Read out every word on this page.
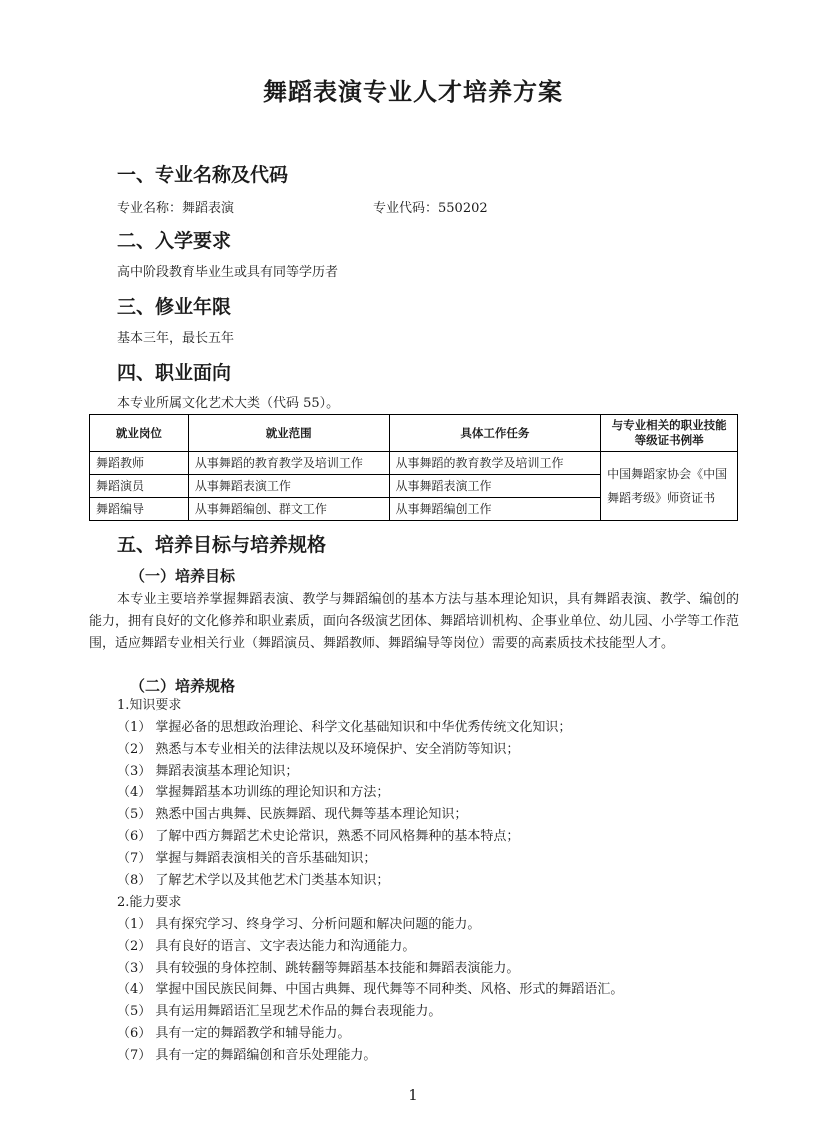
舞蹈表演专业人才培养方案
一、专业名称及代码
专业名称：舞蹈表演	专业代码：550202
二、入学要求
高中阶段教育毕业生或具有同等学历者
三、修业年限
基本三年，最长五年
四、职业面向
本专业所属文化艺术大类（代码 55）。
就业岗位	就业范围	具体工作任务	与专业相关的职业技能等级证书例举
舞蹈教师	从事舞蹈的教育教学及培训工作	从事舞蹈的教育教学及培训工作	中国舞蹈家协会《中国舞蹈考级》师资证书
舞蹈演员	从事舞蹈表演工作	从事舞蹈表演工作	
舞蹈编导	从事舞蹈编创、群文工作	从事舞蹈编创工作	
五、培养目标与培养规格
（一）培养目标
本专业主要培养掌握舞蹈表演、教学与舞蹈编创的基本方法与基本理论知识，具有舞蹈表演、教学、编创的能力，拥有良好的文化修养和职业素质，面向各级演艺团体、舞蹈培训机构、企事业单位、幼儿园、小学等工作范围，适应舞蹈专业相关行业（舞蹈演员、舞蹈教师、舞蹈编导等岗位）需要的高素质技术技能型人才。
（二）培养规格
1.知识要求
（1） 掌握必备的思想政治理论、科学文化基础知识和中华优秀传统文化知识；
（2） 熟悉与本专业相关的法律法规以及环境保护、安全消防等知识；
（3） 舞蹈表演基本理论知识；
（4） 掌握舞蹈基本功训练的理论知识和方法；
（5） 熟悉中国古典舞、民族舞蹈、现代舞等基本理论知识；
（6） 了解中西方舞蹈艺术史论常识，熟悉不同风格舞种的基本特点；
（7） 掌握与舞蹈表演相关的音乐基础知识；
（8） 了解艺术学以及其他艺术门类基本知识；
2.能力要求
（1） 具有探究学习、终身学习、分析问题和解决问题的能力。
（2） 具有良好的语言、文字表达能力和沟通能力。
（3） 具有较强的身体控制、跳转翻等舞蹈基本技能和舞蹈表演能力。
（4） 掌握中国民族民间舞、中国古典舞、现代舞等不同种类、风格、形式的舞蹈语汇。
（5） 具有运用舞蹈语汇呈现艺术作品的舞台表现能力。
（6） 具有一定的舞蹈教学和辅导能力。
（7） 具有一定的舞蹈编创和音乐处理能力。
1
